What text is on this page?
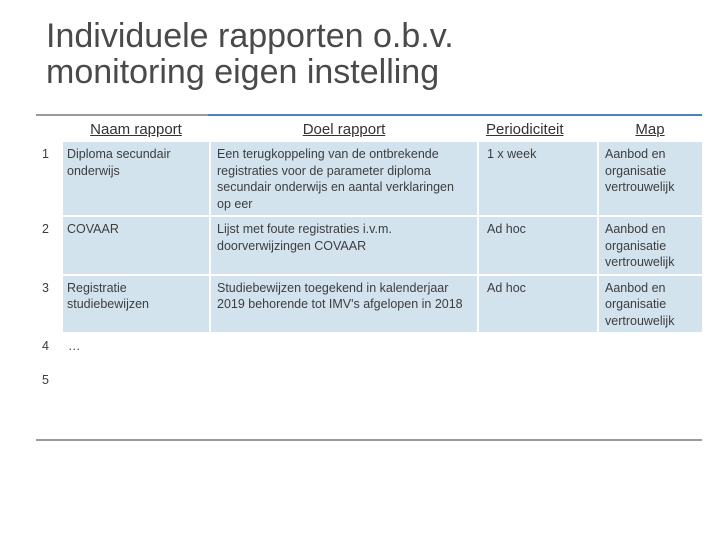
Individuele rapporten o.b.v.
monitoring eigen instelling
	Naam rapport	Doel rapport	Periodiciteit	Map
1	Diploma secundair onderwijs	Een terugkoppeling van de ontbrekende registraties voor de parameter diploma secundair onderwijs en aantal verklaringen op eer	1 x week	Aanbod en organisatie vertrouwelijk
2	COVAAR	Lijst met foute registraties i.v.m. doorverwijzingen COVAAR	Ad hoc	Aanbod en organisatie vertrouwelijk
3	Registratie studiebewijzen	Studiebewijzen toegekend in kalenderjaar 2019 behorende tot IMV's afgelopen in 2018	Ad hoc	Aanbod en organisatie vertrouwelijk
4	…			
5				
